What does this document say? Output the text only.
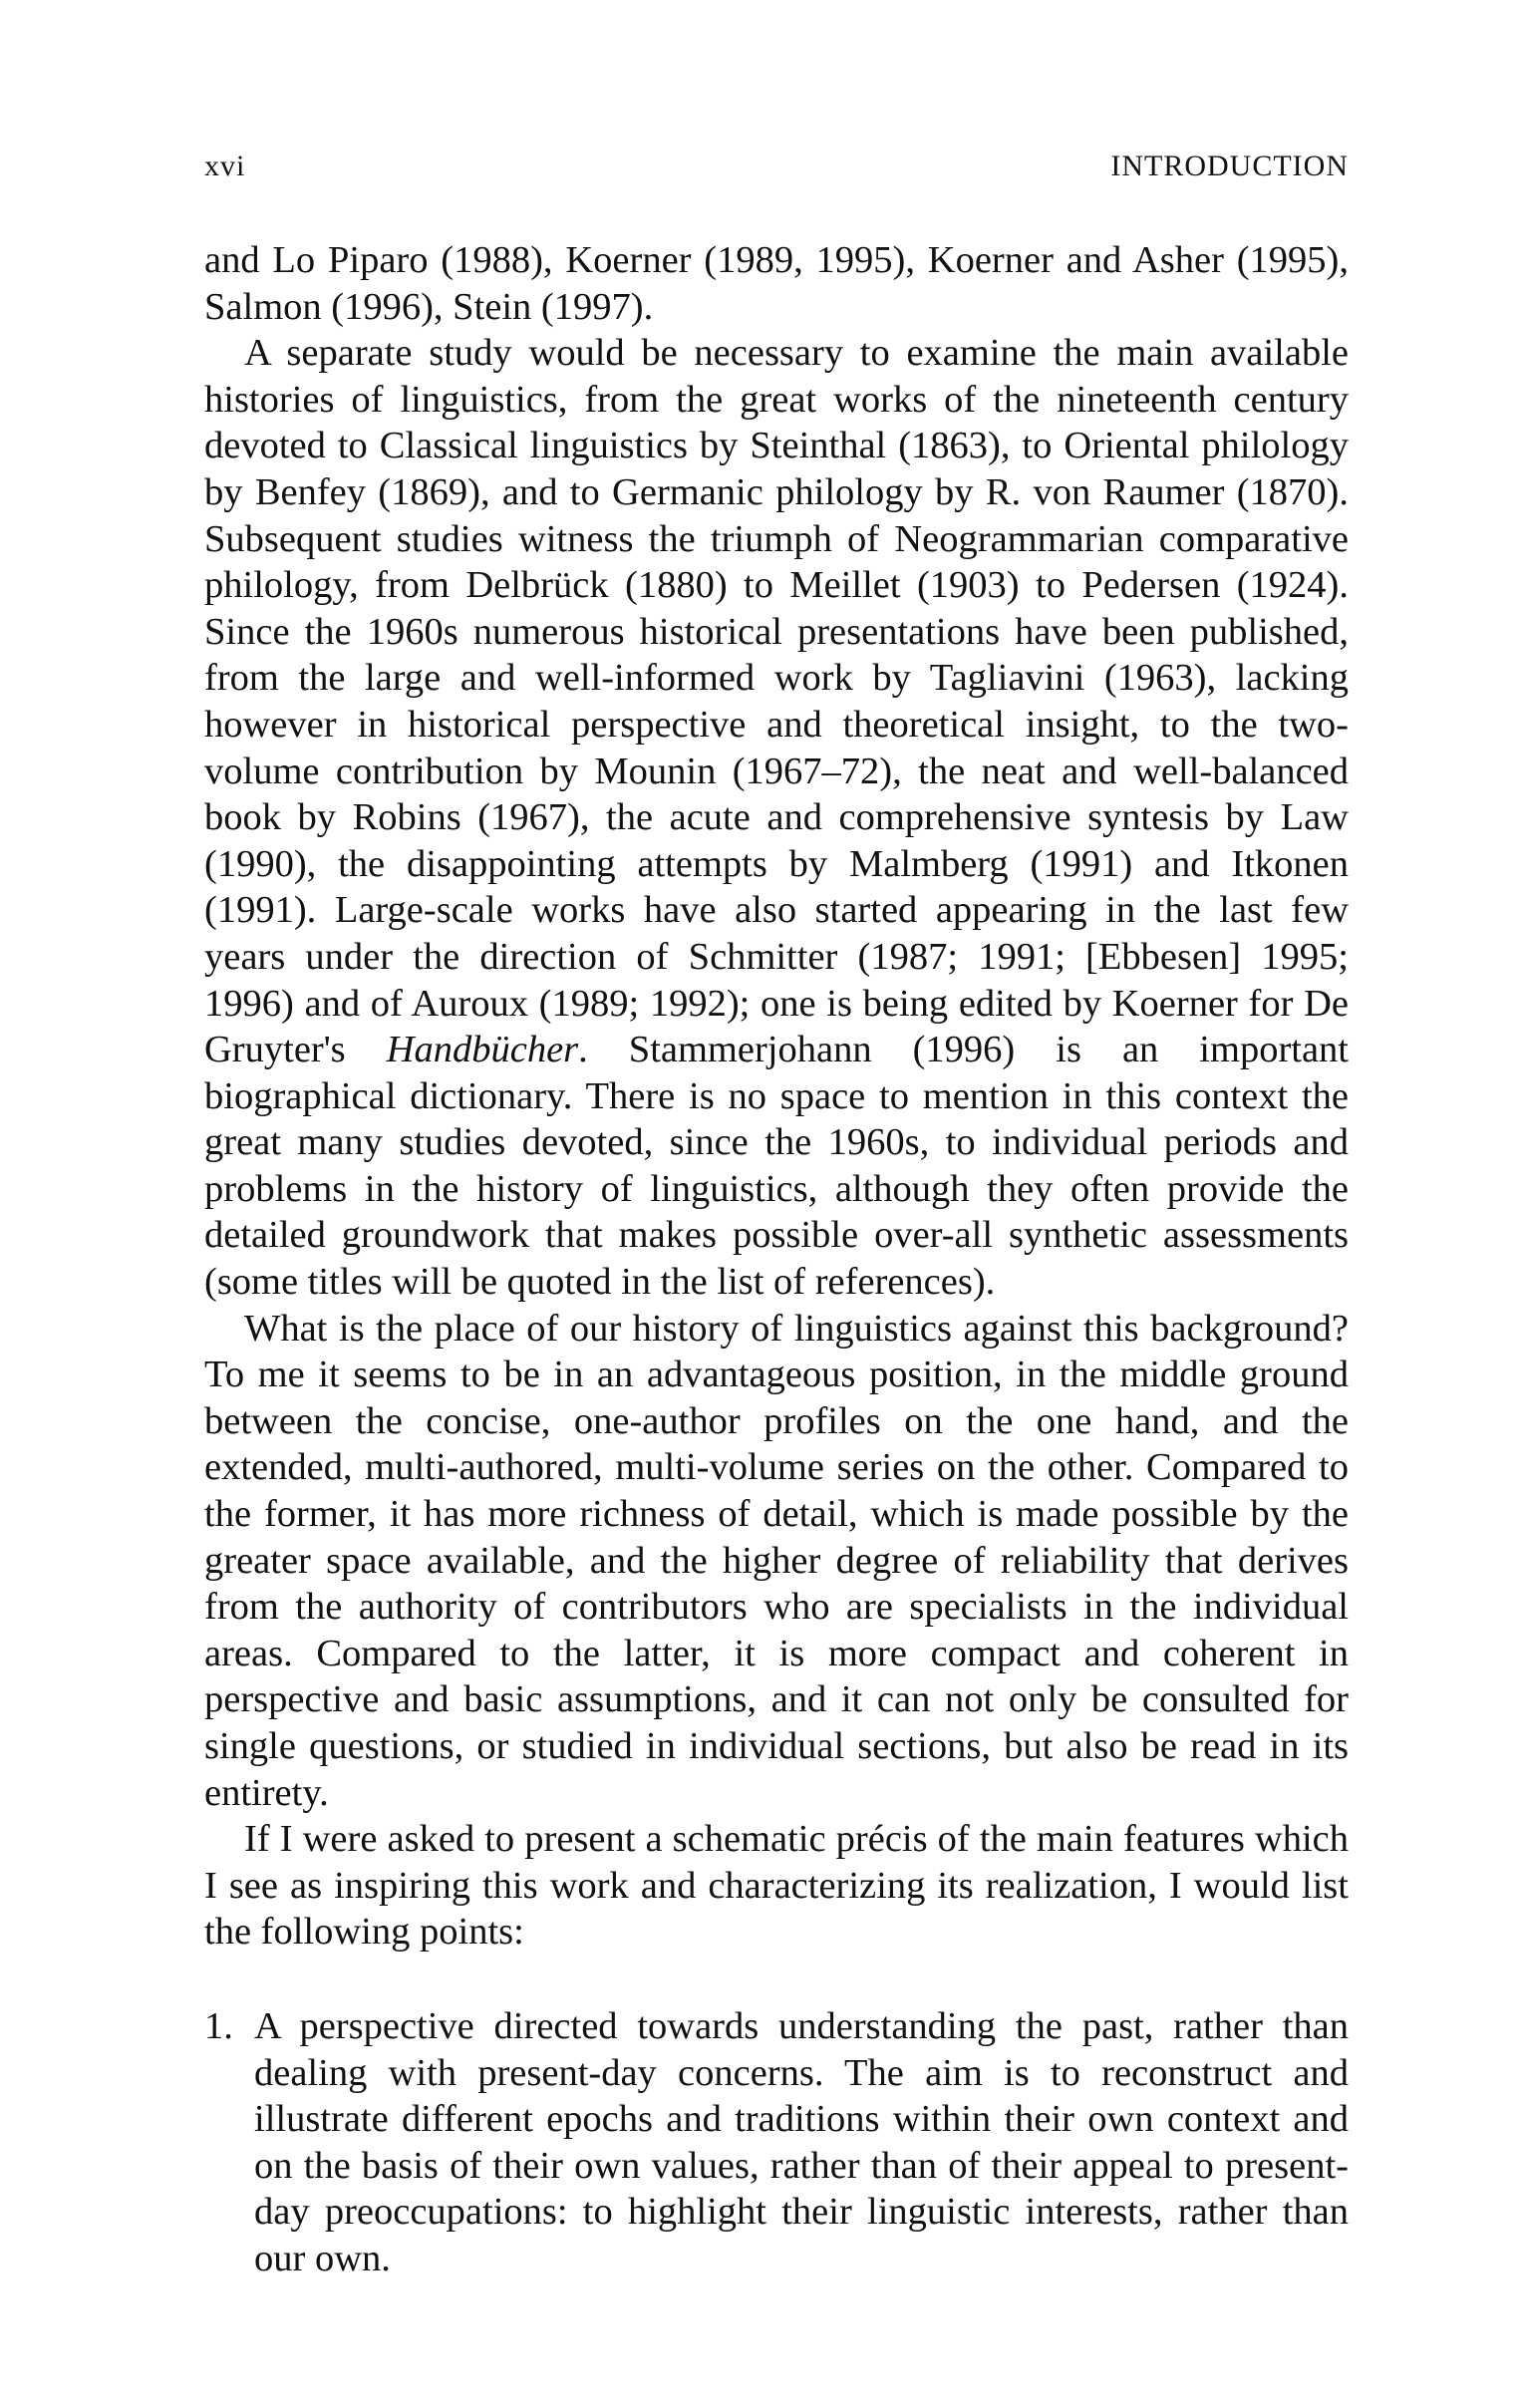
xvi	INTRODUCTION

and Lo Piparo (1988), Koerner (1989, 1995), Koerner and Asher (1995), Salmon (1996), Stein (1997).

A separate study would be necessary to examine the main available histories of linguistics, from the great works of the nineteenth century devoted to Classical linguistics by Steinthal (1863), to Oriental philology by Benfey (1869), and to Germanic philology by R. von Raumer (1870). Subsequent studies witness the triumph of Neogrammarian comparative philology, from Delbrück (1880) to Meillet (1903) to Pedersen (1924). Since the 1960s numerous historical presentations have been published, from the large and well-informed work by Tagliavini (1963), lacking however in historical perspective and theoretical insight, to the two-volume contribution by Mounin (1967–72), the neat and well-balanced book by Robins (1967), the acute and comprehensive syntesis by Law (1990), the disappointing attempts by Malmberg (1991) and Itkonen (1991). Large-scale works have also started appearing in the last few years under the direction of Schmitter (1987; 1991; [Ebbesen] 1995; 1996) and of Auroux (1989; 1992); one is being edited by Koerner for De Gruyter's Handbücher. Stammerjohann (1996) is an important biographical dictionary. There is no space to mention in this context the great many studies devoted, since the 1960s, to individual periods and problems in the history of linguistics, although they often provide the detailed groundwork that makes possible over-all synthetic assessments (some titles will be quoted in the list of references).

What is the place of our history of linguistics against this background? To me it seems to be in an advantageous position, in the middle ground between the concise, one-author profiles on the one hand, and the extended, multi-authored, multi-volume series on the other. Compared to the former, it has more richness of detail, which is made possible by the greater space available, and the higher degree of reliability that derives from the authority of contributors who are specialists in the individual areas. Compared to the latter, it is more compact and coherent in perspective and basic assumptions, and it can not only be consulted for single questions, or studied in individual sections, but also be read in its entirety.

If I were asked to present a schematic précis of the main features which I see as inspiring this work and characterizing its realization, I would list the following points:

1. A perspective directed towards understanding the past, rather than dealing with present-day concerns. The aim is to reconstruct and illustrate different epochs and traditions within their own context and on the basis of their own values, rather than of their appeal to present-day preoccupations: to highlight their linguistic interests, rather than our own.
